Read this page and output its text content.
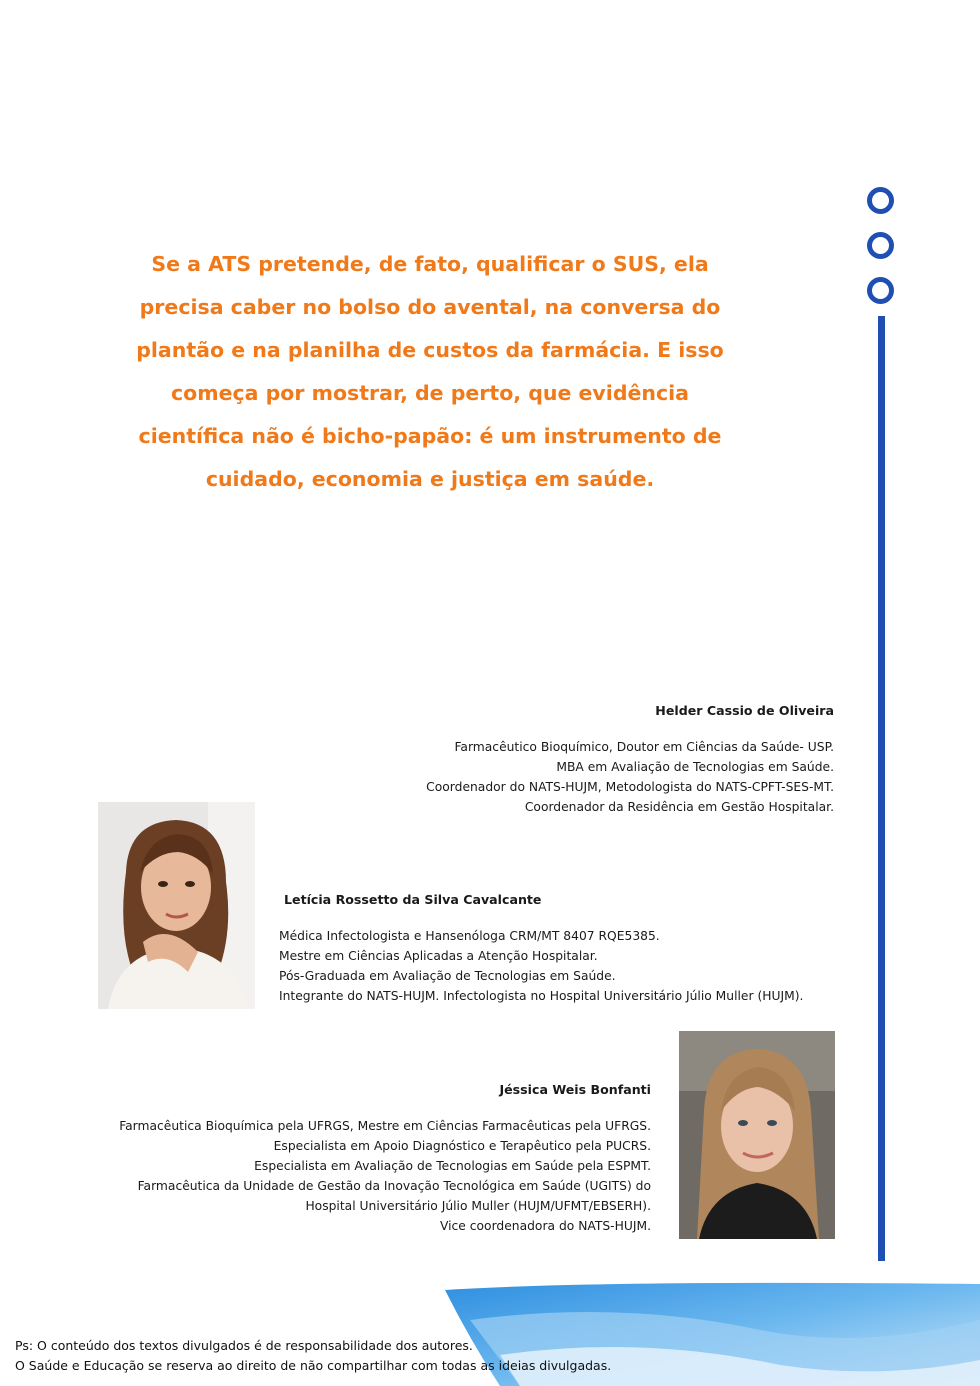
Se a ATS pretende, de fato, qualificar o SUS, ela
precisa caber no bolso do avental, na conversa do
plantão e na planilha de custos da farmácia. E isso
começa por mostrar, de perto, que evidência
científica não é bicho-papão: é um instrumento de
cuidado, economia e justiça em saúde.
Helder Cassio de Oliveira
Farmacêutico Bioquímico, Doutor em Ciências da Saúde- USP.
MBA em Avaliação de Tecnologias em Saúde.
Coordenador do NATS-HUJM, Metodologista do NATS-CPFT-SES-MT.
Coordenador da Residência em Gestão Hospitalar.
Letícia Rossetto da Silva Cavalcante
Médica Infectologista e Hansenóloga CRM/MT 8407 RQE5385.
Mestre em Ciências Aplicadas a Atenção Hospitalar.
Pós-Graduada em Avaliação de Tecnologias em Saúde.
Integrante do NATS-HUJM. Infectologista no Hospital Universitário Júlio Muller (HUJM).
Jéssica Weis Bonfanti
Farmacêutica Bioquímica pela UFRGS, Mestre em Ciências Farmacêuticas pela UFRGS.
Especialista em Apoio Diagnóstico e Terapêutico pela PUCRS.
Especialista em Avaliação de Tecnologias em Saúde pela ESPMT.
Farmacêutica da Unidade de Gestão da Inovação Tecnológica em Saúde (UGITS) do
Hospital Universitário Júlio Muller (HUJM/UFMT/EBSERH).
Vice coordenadora do NATS-HUJM.
Ps: O conteúdo dos textos divulgados é de responsabilidade dos autores.
O Saúde e Educação se reserva ao direito de não compartilhar com todas as ideias divulgadas.
